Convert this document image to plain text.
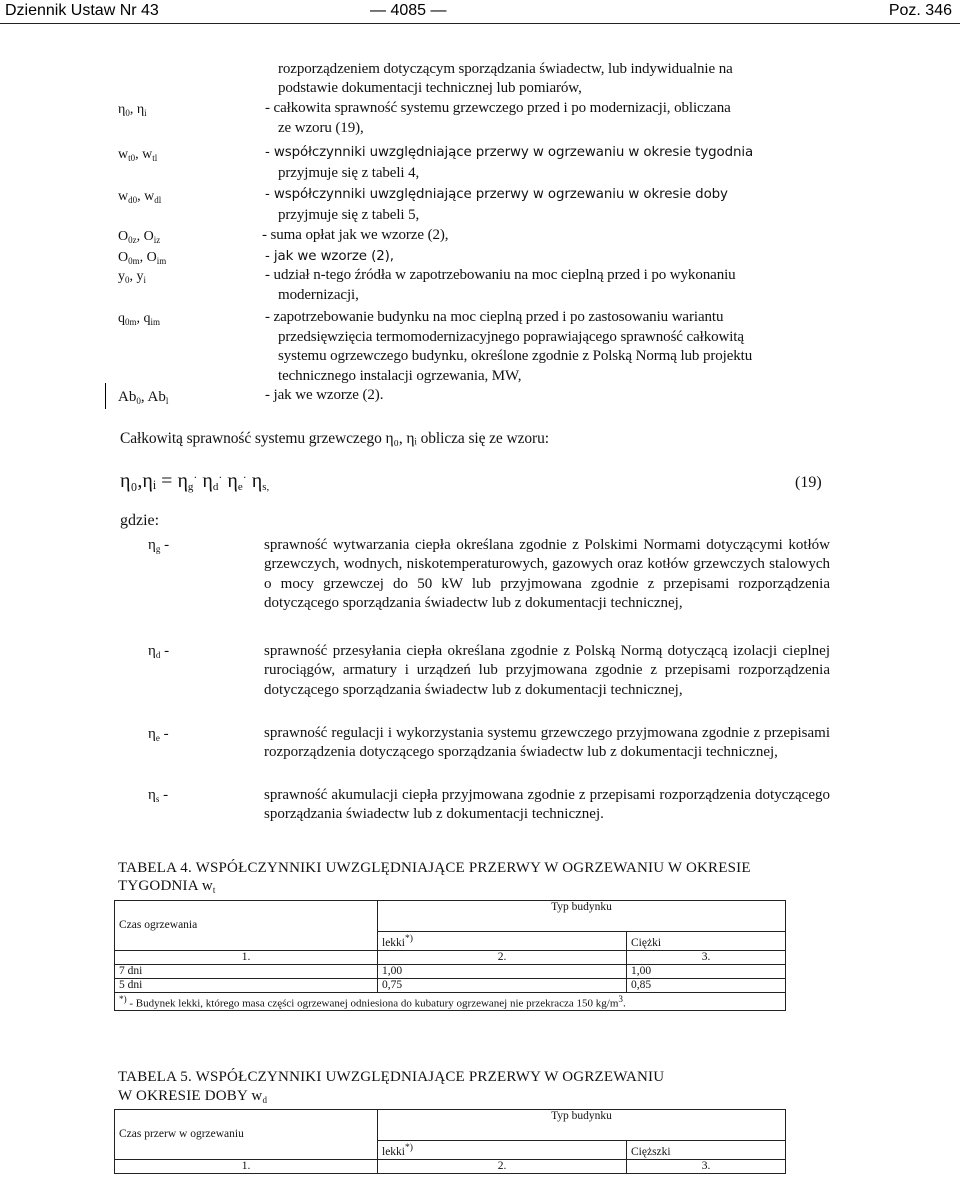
Dziennik Ustaw Nr 43	— 4085 —	Poz. 346
rozporządzeniem dotyczącym sporządzania świadectw, lub indywidualnie na
podstawie dokumentacji technicznej lub pomiarów,
$\eta_0$, $\eta_i$	- całkowita sprawność systemu grzewczego przed i po modernizacji, obliczana
ze wzoru (19),
$w_{t0}$, $w_{tl}$	- współczynniki uwzględniające przerwy w ogrzewaniu w okresie tygodnia
przyjmuje się z tabeli 4,
$w_{d0}$, $w_{dl}$	- współczynniki uwzględniające przerwy w ogrzewaniu w okresie doby
przyjmuje się z tabeli 5,
$O_{0z}$, $O_{iz}$	- suma opłat jak we wzorze (2),
$O_{0m}$, $O_{im}$	- jak we wzorze (2),
$y_0$, $y_i$	- udział n-tego źródła w zapotrzebowaniu na moc cieplną przed i po wykonaniu
modernizacji,
$q_{0m}$, $q_{im}$	- zapotrzebowanie budynku na moc cieplną przed i po zastosowaniu wariantu
przedsięwzięcia termomodernizacyjnego poprawiającego sprawność całkowitą
systemu ogrzewczego budynku, określone zgodnie z Polską Normą lub projektu
technicznego instalacji ogrzewania, MW,
$Ab_0$, $Ab_l$	- jak we wzorze (2).
Całkowitą sprawność systemu grzewczego η₀, ηᵢ oblicza się ze wzoru:
η₀,ηᵢ = $\eta_g^\cdot$ $\eta_d^\cdot$ $\eta_e^\cdot$ $\eta_{s,}$	(19)
gdzie:
$\eta_g$ -	sprawność wytwarzania ciepła określana zgodnie z Polskimi Normami dotyczącymi kotłów grzewczych, wodnych, niskotemperaturowych, gazowych oraz kotłów grzewczych stalowych o mocy grzewczej do 50 kW lub przyjmowana zgodnie z przepisami rozporządzenia dotyczącego sporządzania świadectw lub z dokumentacji technicznej,
$\eta_d$ -	sprawność przesyłania ciepła określana zgodnie z Polską Normą dotyczącą izolacji cieplnej rurociągów, armatury i urządzeń lub przyjmowana zgodnie z przepisami rozporządzenia dotyczącego sporządzania świadectw lub z dokumentacji technicznej,
$\eta_e$ -	sprawność regulacji i wykorzystania systemu grzewczego przyjmowana zgodnie z przepisami rozporządzenia dotyczącego sporządzania świadectw lub z dokumentacji technicznej,
$\eta_s$ -	sprawność akumulacji ciepła przyjmowana zgodnie z przepisami rozporządzenia dotyczącego sporządzania świadectw lub z dokumentacji technicznej.
TABELA 4. WSPÓŁCZYNNIKI UWZGLĘDNIAJĄCE PRZERWY W OGRZEWANIU W OKRESIE
TYGODNIA $w_t$
Czas ogrzewania	Typ budynku	
	lekki*)	Ciężki
1.	2.	3.
7 dni	1,00	1,00
5 dni	0,75	0,85
*) - Budynek lekki, którego masa części ogrzewanej odniesiona do kubatury ogrzewanej nie przekracza 150 $kg/m^3$.		
TABELA 5. WSPÓŁCZYNNIKI UWZGLĘDNIAJĄCE PRZERWY W OGRZEWANIU
W OKRESIE DOBY $w_d$
Czas przerw w ogrzewaniu	Typ budynku	
	lekki*)	Cięższki
1.	2.	3.
